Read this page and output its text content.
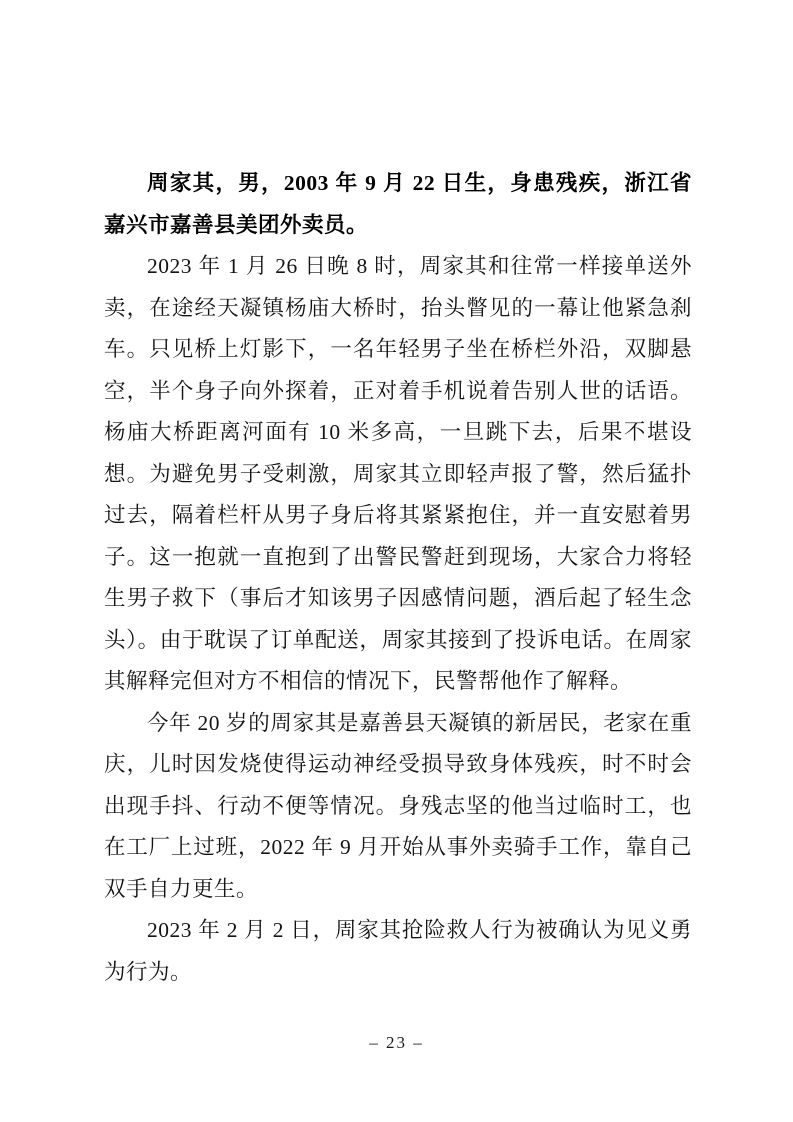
周家其，男，2003 年 9 月 22 日生，身患残疾，浙江省嘉兴市嘉善县美团外卖员。

2023 年 1 月 26 日晚 8 时，周家其和往常一样接单送外卖，在途经天凝镇杨庙大桥时，抬头瞥见的一幕让他紧急刹车。只见桥上灯影下，一名年轻男子坐在桥栏外沿，双脚悬空，半个身子向外探着，正对着手机说着告别人世的话语。杨庙大桥距离河面有 10 米多高，一旦跳下去，后果不堪设想。为避免男子受刺激，周家其立即轻声报了警，然后猛扑过去，隔着栏杆从男子身后将其紧紧抱住，并一直安慰着男子。这一抱就一直抱到了出警民警赶到现场，大家合力将轻生男子救下（事后才知该男子因感情问题，酒后起了轻生念头）。由于耽误了订单配送，周家其接到了投诉电话。在周家其解释完但对方不相信的情况下，民警帮他作了解释。

今年 20 岁的周家其是嘉善县天凝镇的新居民，老家在重庆，儿时因发烧使得运动神经受损导致身体残疾，时不时会出现手抖、行动不便等情况。身残志坚的他当过临时工，也在工厂上过班，2022 年 9 月开始从事外卖骑手工作，靠自己双手自力更生。

2023 年 2 月 2 日，周家其抢险救人行为被确认为见义勇为行为。

– 23 –
